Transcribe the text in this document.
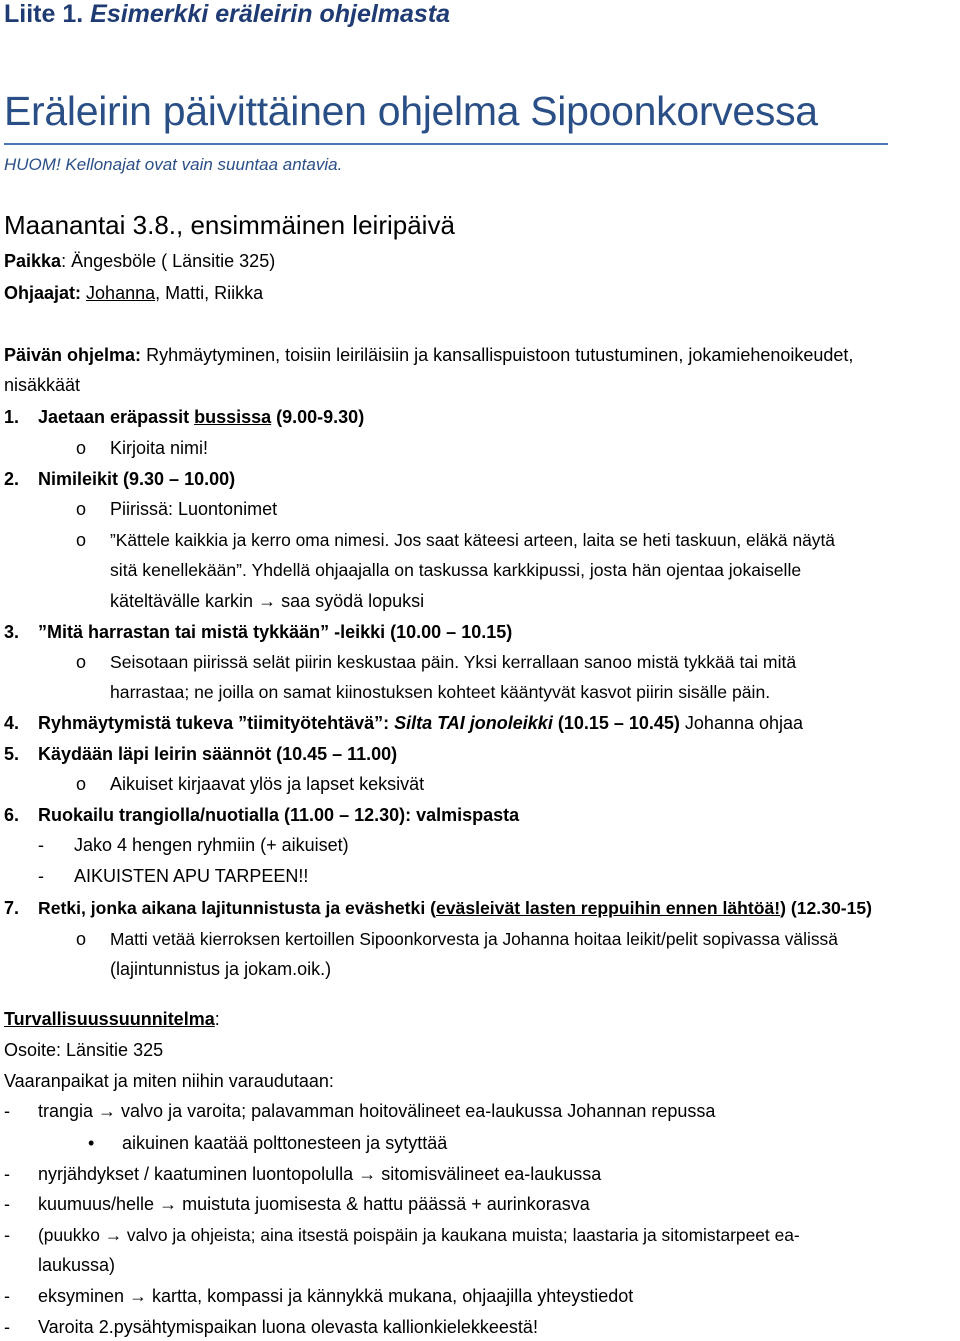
Liite 1. Esimerkki eräleirin ohjelmasta
Eräleirin päivittäinen ohjelma Sipoonkorvessa
HUOM! Kellonajat ovat vain suuntaa antavia.
Maanantai 3.8., ensimmäinen leiripäivä
Paikka: Ängesböle ( Länsitie 325)
Ohjaajat: Johanna, Matti, Riikka
Päivän ohjelma: Ryhmäytyminen, toisiin leiriläisiin ja kansallispuistoon tutustuminen, jokamiehenoikeudet,
nisäkkäät
1.	Jaetaan eräpassit bussissa (9.00-9.30)
o Kirjoita nimi!
2.	Nimileikit (9.30 – 10.00)
o Piirissä: Luontonimet
o ”Kättele kaikkia ja kerro oma nimesi. Jos saat käteesi arteen, laita se heti taskuun, eläkä näytä
sitä kenellekään”. Yhdellä ohjaajalla on taskussa karkkipussi, josta hän ojentaa jokaiselle
käteltävälle karkin → saa syödä lopuksi
3.	”Mitä harrastan tai mistä tykkään” -leikki (10.00 – 10.15)
o Seisotaan piirissä selät piirin keskustaa päin. Yksi kerrallaan sanoo mistä tykkää tai mitä
harrastaa; ne joilla on samat kiinostuksen kohteet kääntyvät kasvot piirin sisälle päin.
4.	Ryhmäytymistä tukeva ”tiimityötehtävä”: Silta TAI jonoleikki (10.15 – 10.45) Johanna ohjaa
5.	Käydään läpi leirin säännöt (10.45 – 11.00)
o Aikuiset kirjaavat ylös ja lapset keksivät
6.	Ruokailu trangiolla/nuotialla (11.00 – 12.30): valmispasta
- Jako 4 hengen ryhmiin (+ aikuiset)
- AIKUISTEN APU TARPEEN!!
7.	Retki, jonka aikana lajitunnistusta ja eväshetki (eväsleivät lasten reppuihin ennen lähtöä!) (12.30-15)
o Matti vetää kierroksen kertoillen Sipoonkorvesta ja Johanna hoitaa leikit/pelit sopivassa välissä
(lajintunnistus ja jokam.oik.)
Turvallisuussuunnitelma:
Osoite: Länsitie 325
Vaaranpaikat ja miten niihin varaudutaan:
- trangia → valvo ja varoita; palavamman hoitovälineet ea-laukussa Johannan repussa
• aikuinen kaatää polttonesteen ja sytyttää
- nyrjähdykset / kaatuminen luontopolulla → sitomisvälineet ea-laukussa
- kuumuus/helle → muistuta juomisesta & hattu päässä + aurinkorasva
- (puukko → valvo ja ohjeista; aina itsestä poispäin ja kaukana muista; laastaria ja sitomistarpeet ea-
laukussa)
- eksyminen → kartta, kompassi ja kännykkä mukana, ohjaajilla yhteystiedot
- Varoita 2.pysähtymispaikan luona olevasta kallionkielekkeestä!
